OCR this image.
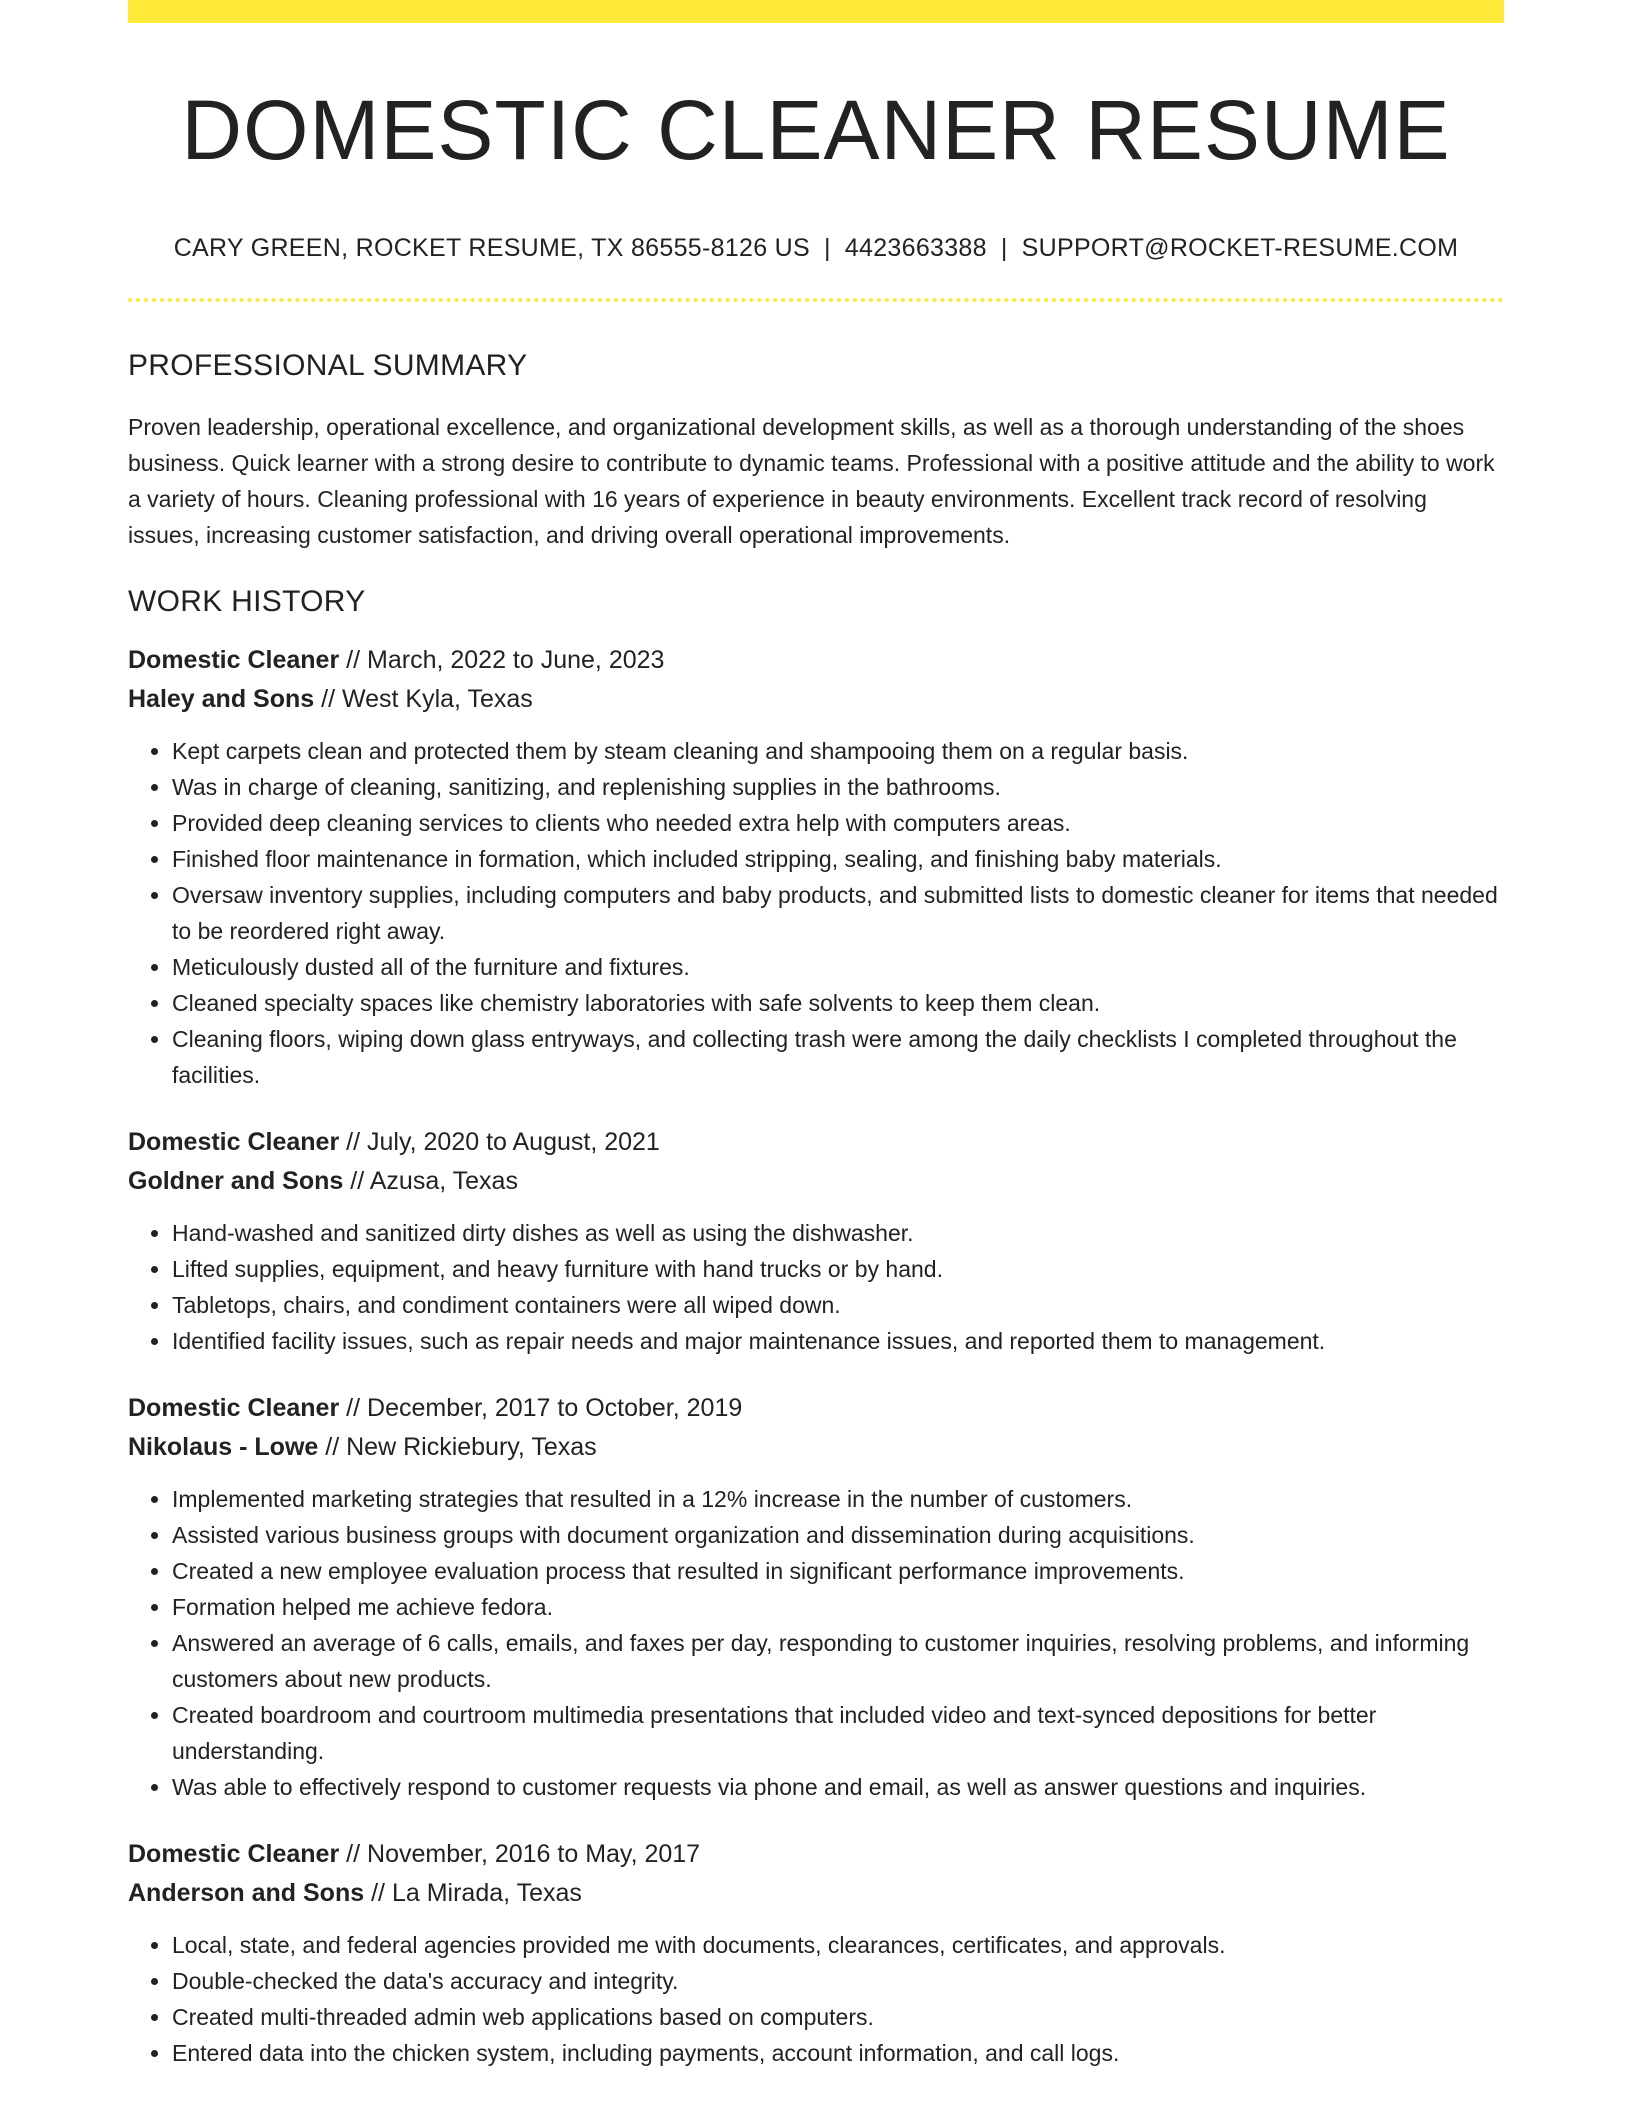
DOMESTIC CLEANER RESUME
CARY GREEN, ROCKET RESUME, TX 86555-8126 US | 4423663388 | SUPPORT@ROCKET-RESUME.COM
PROFESSIONAL SUMMARY
Proven leadership, operational excellence, and organizational development skills, as well as a thorough understanding of the shoes business. Quick learner with a strong desire to contribute to dynamic teams. Professional with a positive attitude and the ability to work a variety of hours. Cleaning professional with 16 years of experience in beauty environments. Excellent track record of resolving issues, increasing customer satisfaction, and driving overall operational improvements.
WORK HISTORY
Domestic Cleaner // March, 2022 to June, 2023
Haley and Sons // West Kyla, Texas
• Kept carpets clean and protected them by steam cleaning and shampooing them on a regular basis.
• Was in charge of cleaning, sanitizing, and replenishing supplies in the bathrooms.
• Provided deep cleaning services to clients who needed extra help with computers areas.
• Finished floor maintenance in formation, which included stripping, sealing, and finishing baby materials.
• Oversaw inventory supplies, including computers and baby products, and submitted lists to domestic cleaner for items that needed to be reordered right away.
• Meticulously dusted all of the furniture and fixtures.
• Cleaned specialty spaces like chemistry laboratories with safe solvents to keep them clean.
• Cleaning floors, wiping down glass entryways, and collecting trash were among the daily checklists I completed throughout the facilities.
Domestic Cleaner // July, 2020 to August, 2021
Goldner and Sons // Azusa, Texas
• Hand-washed and sanitized dirty dishes as well as using the dishwasher.
• Lifted supplies, equipment, and heavy furniture with hand trucks or by hand.
• Tabletops, chairs, and condiment containers were all wiped down.
• Identified facility issues, such as repair needs and major maintenance issues, and reported them to management.
Domestic Cleaner // December, 2017 to October, 2019
Nikolaus - Lowe // New Rickiebury, Texas
• Implemented marketing strategies that resulted in a 12% increase in the number of customers.
• Assisted various business groups with document organization and dissemination during acquisitions.
• Created a new employee evaluation process that resulted in significant performance improvements.
• Formation helped me achieve fedora.
• Answered an average of 6 calls, emails, and faxes per day, responding to customer inquiries, resolving problems, and informing customers about new products.
• Created boardroom and courtroom multimedia presentations that included video and text-synced depositions for better understanding.
• Was able to effectively respond to customer requests via phone and email, as well as answer questions and inquiries.
Domestic Cleaner // November, 2016 to May, 2017
Anderson and Sons // La Mirada, Texas
• Local, state, and federal agencies provided me with documents, clearances, certificates, and approvals.
• Double-checked the data's accuracy and integrity.
• Created multi-threaded admin web applications based on computers.
• Entered data into the chicken system, including payments, account information, and call logs.
